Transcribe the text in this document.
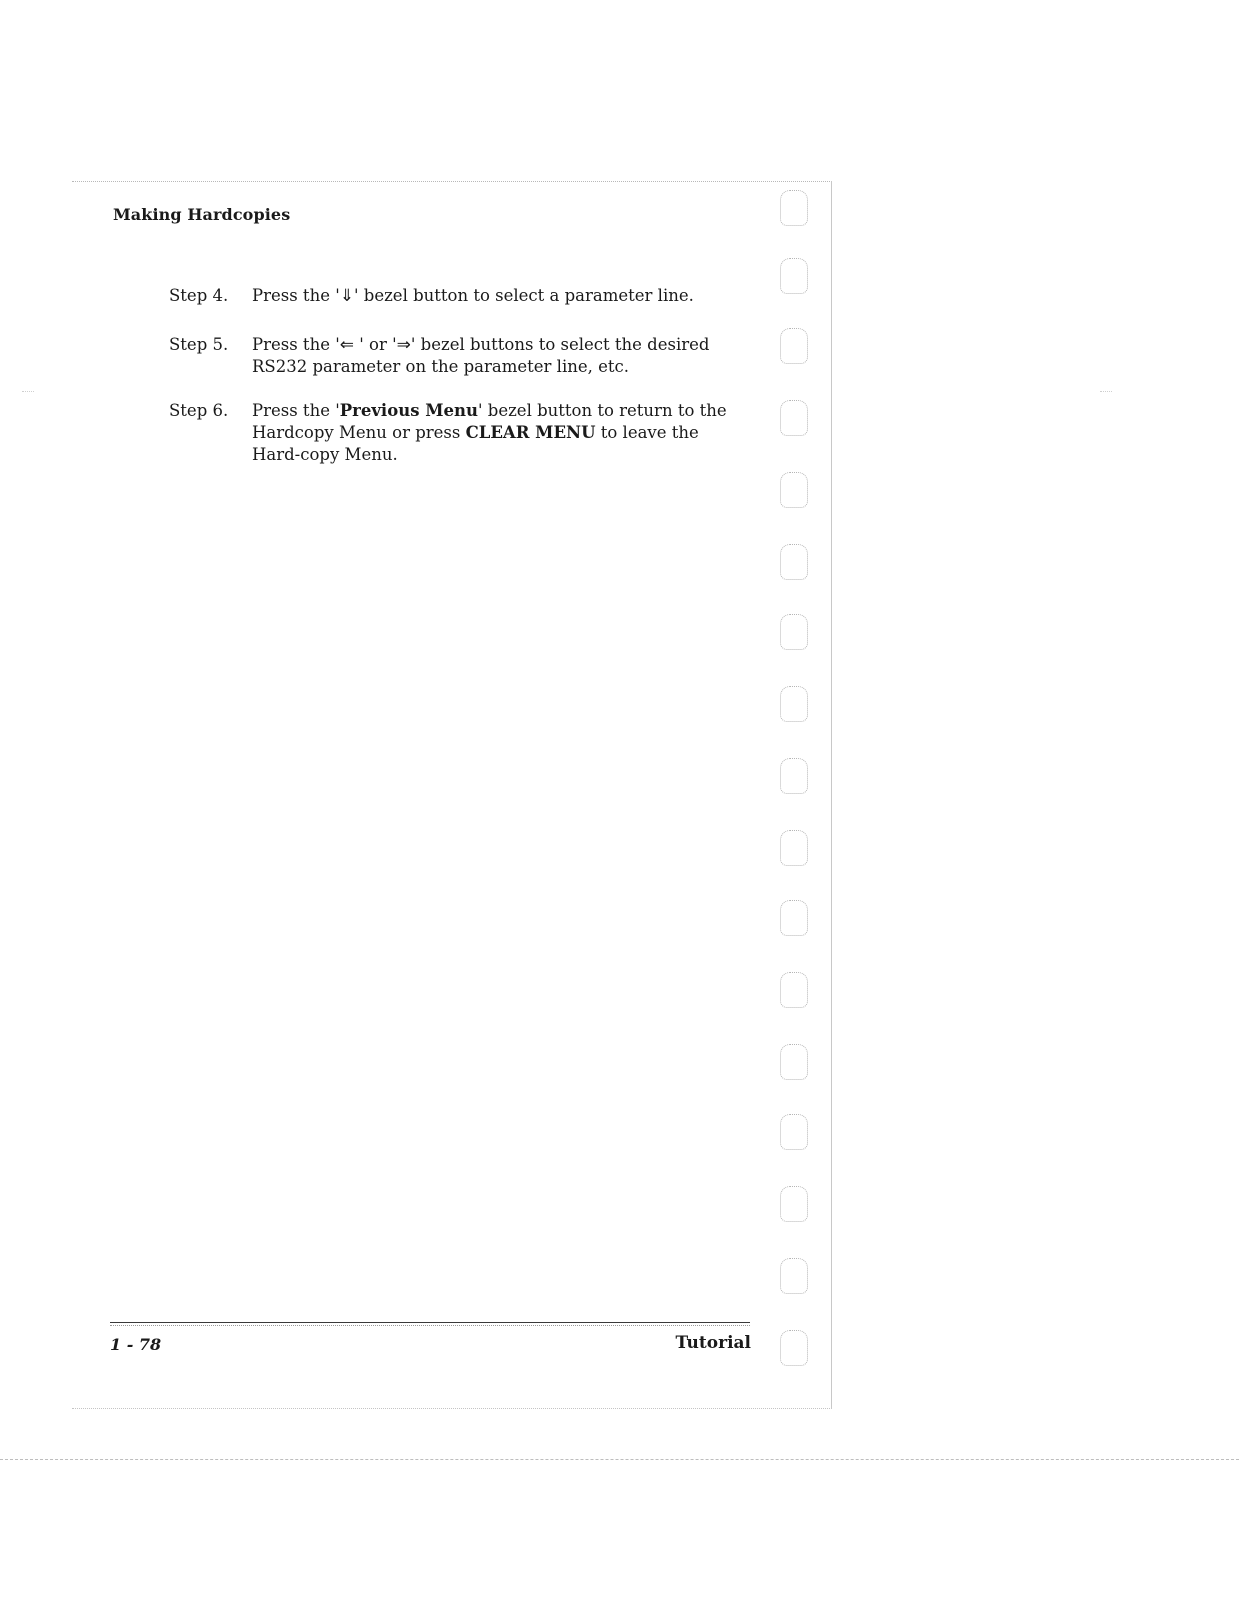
Making Hardcopies
Step 4.	Press the '⇓' bezel button to select a parameter line.
Step 5.	Press the '⇐ ' or '⇒' bezel buttons to select the desired RS232 parameter on the parameter line, etc.
Step 6.	Press the 'Previous Menu' bezel button to return to the Hardcopy Menu or press CLEAR MENU to leave the Hard-copy Menu.
1 - 78	Tutorial
